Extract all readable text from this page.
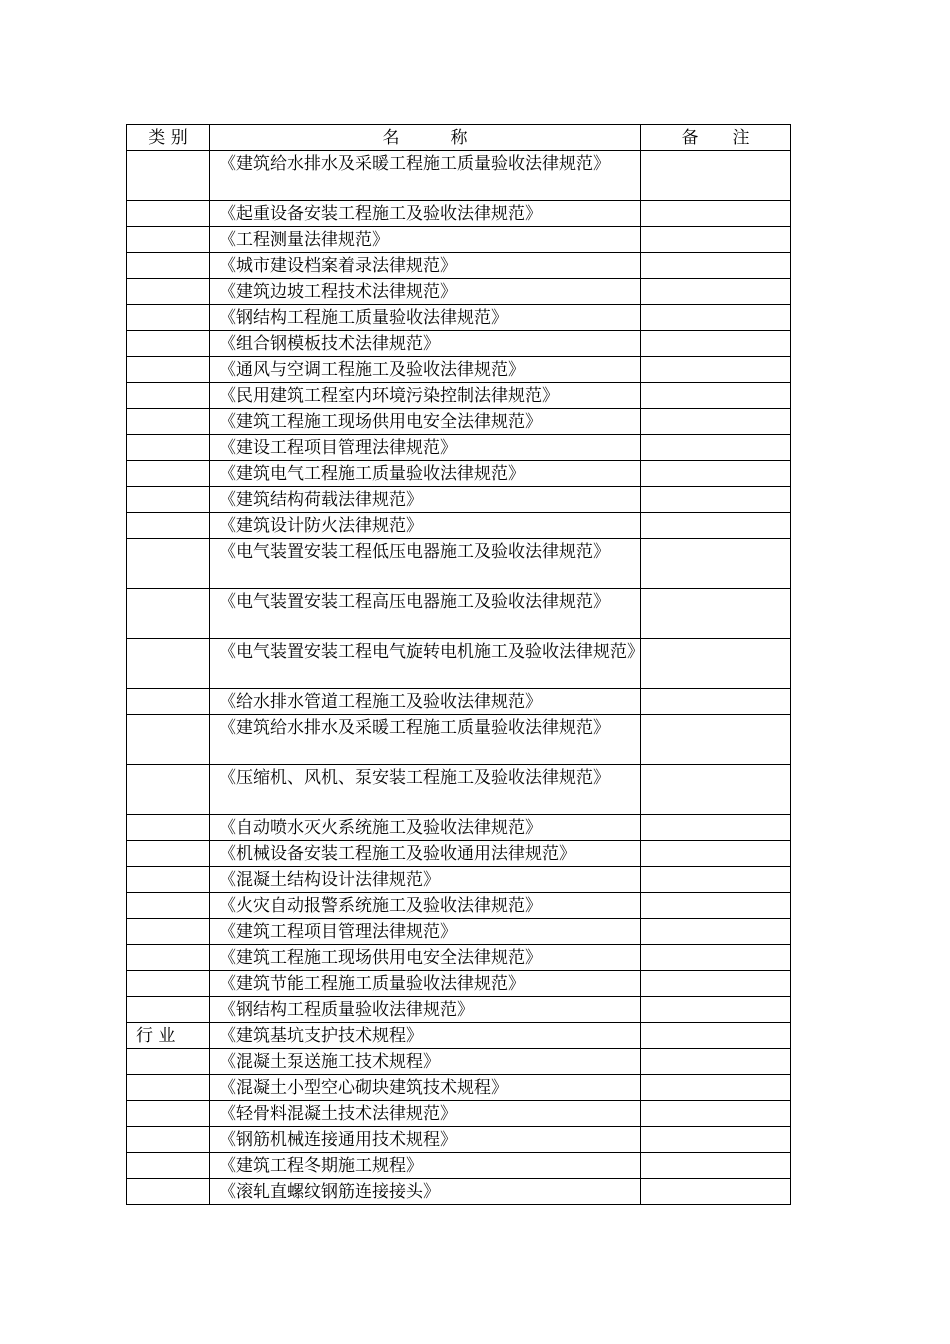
类 别	名　　　称	备　　注
	《建筑给水排水及采暖工程施工质量验收法律规范》	
	《起重设备安装工程施工及验收法律规范》	
	《工程测量法律规范》	
	《城市建设档案着录法律规范》	
	《建筑边坡工程技术法律规范》	
	《钢结构工程施工质量验收法律规范》	
	《组合钢模板技术法律规范》	
	《通风与空调工程施工及验收法律规范》	
	《民用建筑工程室内环境污染控制法律规范》	
	《建筑工程施工现场供用电安全法律规范》	
	《建设工程项目管理法律规范》	
	《建筑电气工程施工质量验收法律规范》	
	《建筑结构荷载法律规范》	
	《建筑设计防火法律规范》	
	《电气装置安装工程低压电器施工及验收法律规范》	
	《电气装置安装工程高压电器施工及验收法律规范》	
	《电气装置安装工程电气旋转电机施工及验收法律规范》	
	《给水排水管道工程施工及验收法律规范》	
	《建筑给水排水及采暖工程施工质量验收法律规范》	
	《压缩机、风机、泵安装工程施工及验收法律规范》	
	《自动喷水灭火系统施工及验收法律规范》	
	《机械设备安装工程施工及验收通用法律规范》	
	《混凝土结构设计法律规范》	
	《火灾自动报警系统施工及验收法律规范》	
	《建筑工程项目管理法律规范》	
	《建筑工程施工现场供用电安全法律规范》	
	《建筑节能工程施工质量验收法律规范》	
	《钢结构工程质量验收法律规范》	
行 业	《建筑基坑支护技术规程》	
	《混凝土泵送施工技术规程》	
	《混凝土小型空心砌块建筑技术规程》	
	《轻骨料混凝土技术法律规范》	
	《钢筋机械连接通用技术规程》	
	《建筑工程冬期施工规程》	
	《滚轧直螺纹钢筋连接接头》	
